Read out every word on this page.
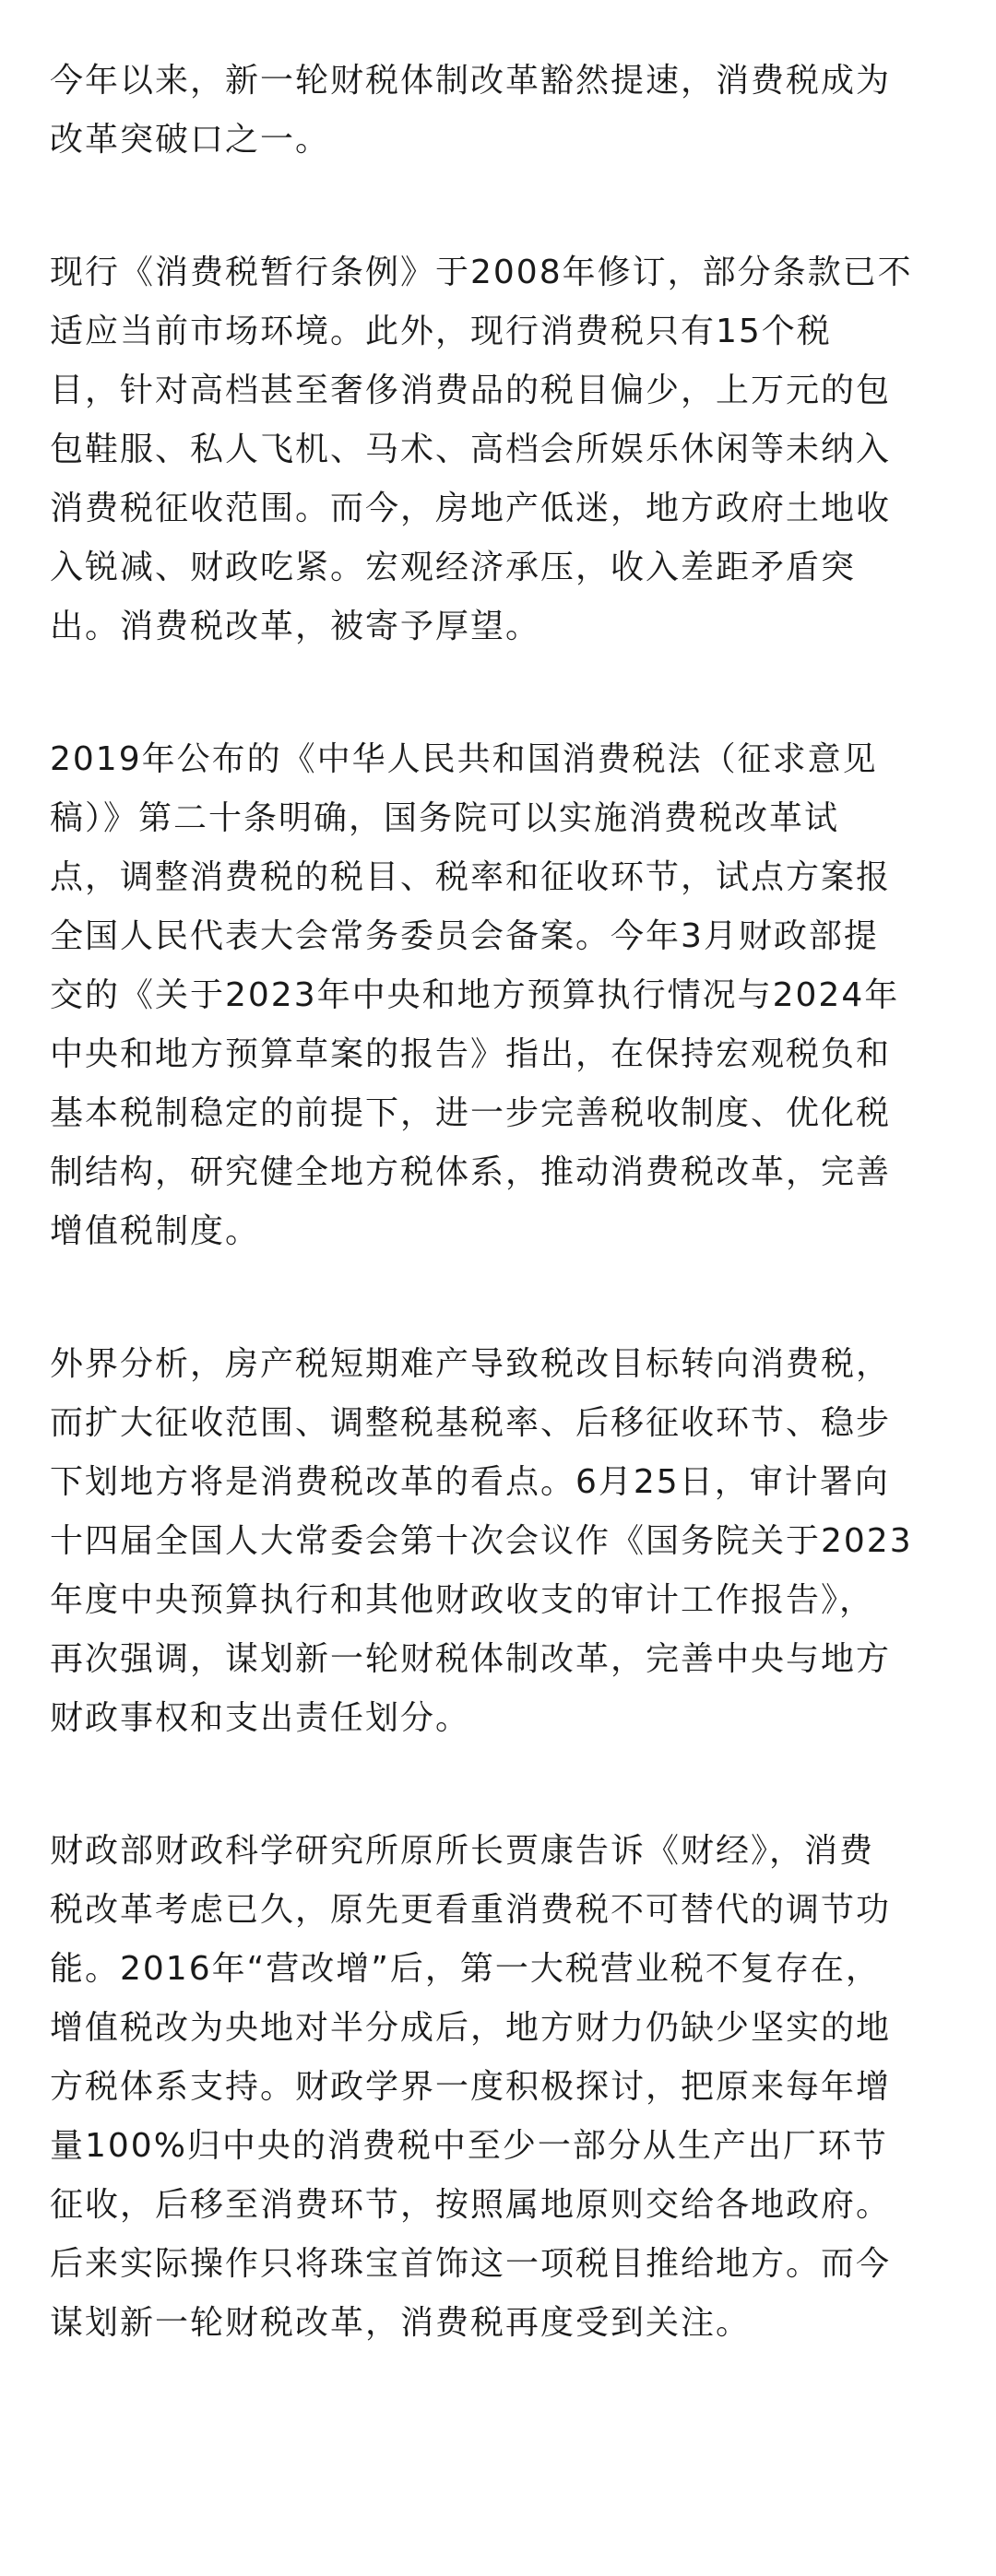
今年以来，新一轮财税体制改革豁然提速，消费税成为
改革突破口之一。

现行《消费税暂行条例》于2008年修订，部分条款已不
适应当前市场环境。此外，现行消费税只有15个税
目，针对高档甚至奢侈消费品的税目偏少，上万元的包
包鞋服、私人飞机、马术、高档会所娱乐休闲等未纳入
消费税征收范围。而今，房地产低迷，地方政府土地收
入锐减、财政吃紧。宏观经济承压，收入差距矛盾突
出。消费税改革，被寄予厚望。

2019年公布的《中华人民共和国消费税法（征求意见
稿）》第二十条明确，国务院可以实施消费税改革试
点，调整消费税的税目、税率和征收环节，试点方案报
全国人民代表大会常务委员会备案。今年3月财政部提
交的《关于2023年中央和地方预算执行情况与2024年
中央和地方预算草案的报告》指出，在保持宏观税负和
基本税制稳定的前提下，进一步完善税收制度、优化税
制结构，研究健全地方税体系，推动消费税改革，完善
增值税制度。

外界分析，房产税短期难产导致税改目标转向消费税，
而扩大征收范围、调整税基税率、后移征收环节、稳步
下划地方将是消费税改革的看点。6月25日，审计署向
十四届全国人大常委会第十次会议作《国务院关于2023
年度中央预算执行和其他财政收支的审计工作报告》，
再次强调，谋划新一轮财税体制改革，完善中央与地方
财政事权和支出责任划分。

财政部财政科学研究所原所长贾康告诉《财经》，消费
税改革考虑已久，原先更看重消费税不可替代的调节功
能。2016年“营改增”后，第一大税营业税不复存在，
增值税改为央地对半分成后，地方财力仍缺少坚实的地
方税体系支持。财政学界一度积极探讨，把原来每年增
量100%归中央的消费税中至少一部分从生产出厂环节
征收，后移至消费环节，按照属地原则交给各地政府。
后来实际操作只将珠宝首饰这一项税目推给地方。而今
谋划新一轮财税改革，消费税再度受到关注。
